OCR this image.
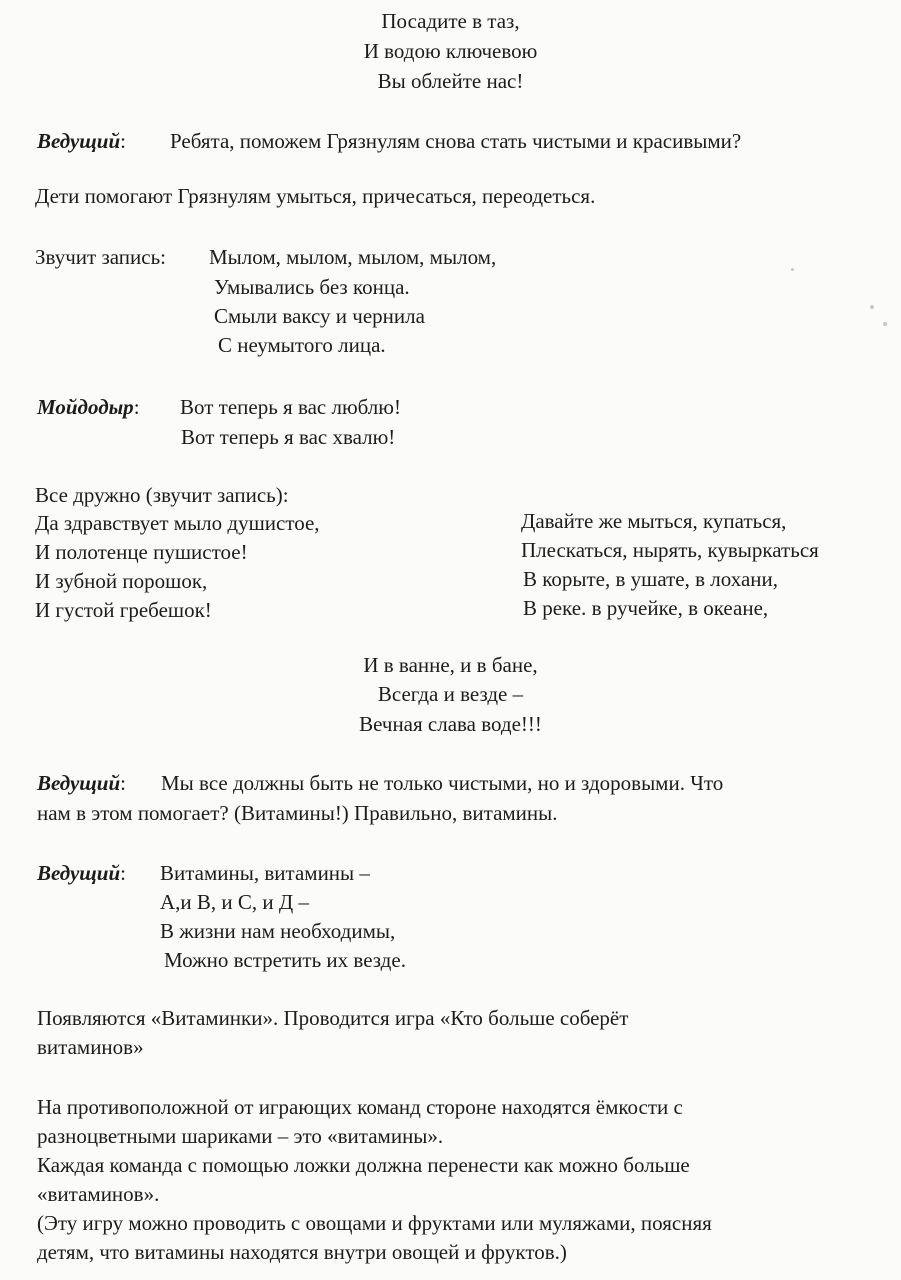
Посадите в таз,
И водою ключевою
Вы облейте нас!
Ведущий: Ребята, поможем Грязнулям снова стать чистыми и красивыми?
Дети помогают Грязнулям умыться, причесаться, переодеться.
Звучит запись: Мылом, мылом, мылом, мылом,
Умывались без конца.
Смыли ваксу и чернила
С неумытого лица.
Мойдодыр: Вот теперь я вас люблю!
Вот теперь я вас хвалю!
Все дружно (звучит запись):
Да здравствует мыло душистое,
И полотенце пушистое!
И зубной порошок,
И густой гребешок!
Давайте же мыться, купаться,
Плескаться, нырять, кувыркаться
В корыте, в ушате, в лохани,
В реке. в ручейке, в океане,
И в ванне, и в бане,
Всегда и везде –
Вечная слава воде!!!
Ведущий: Мы все должны быть не только чистыми, но и здоровыми. Что
нам в этом помогает? (Витамины!) Правильно, витамины.
Ведущий: Витамины, витамины –
А,и В, и С, и Д –
В жизни нам необходимы,
Можно встретить их везде.
Появляются «Витаминки». Проводится игра «Кто больше соберёт
витаминов»
На противоположной от играющих команд стороне находятся ёмкости с
разноцветными шариками – это «витамины».
Каждая команда с помощью ложки должна перенести как можно больше
«витаминов».
(Эту игру можно проводить с овощами и фруктами или муляжами, поясняя
детям, что витамины находятся внутри овощей и фруктов.)
